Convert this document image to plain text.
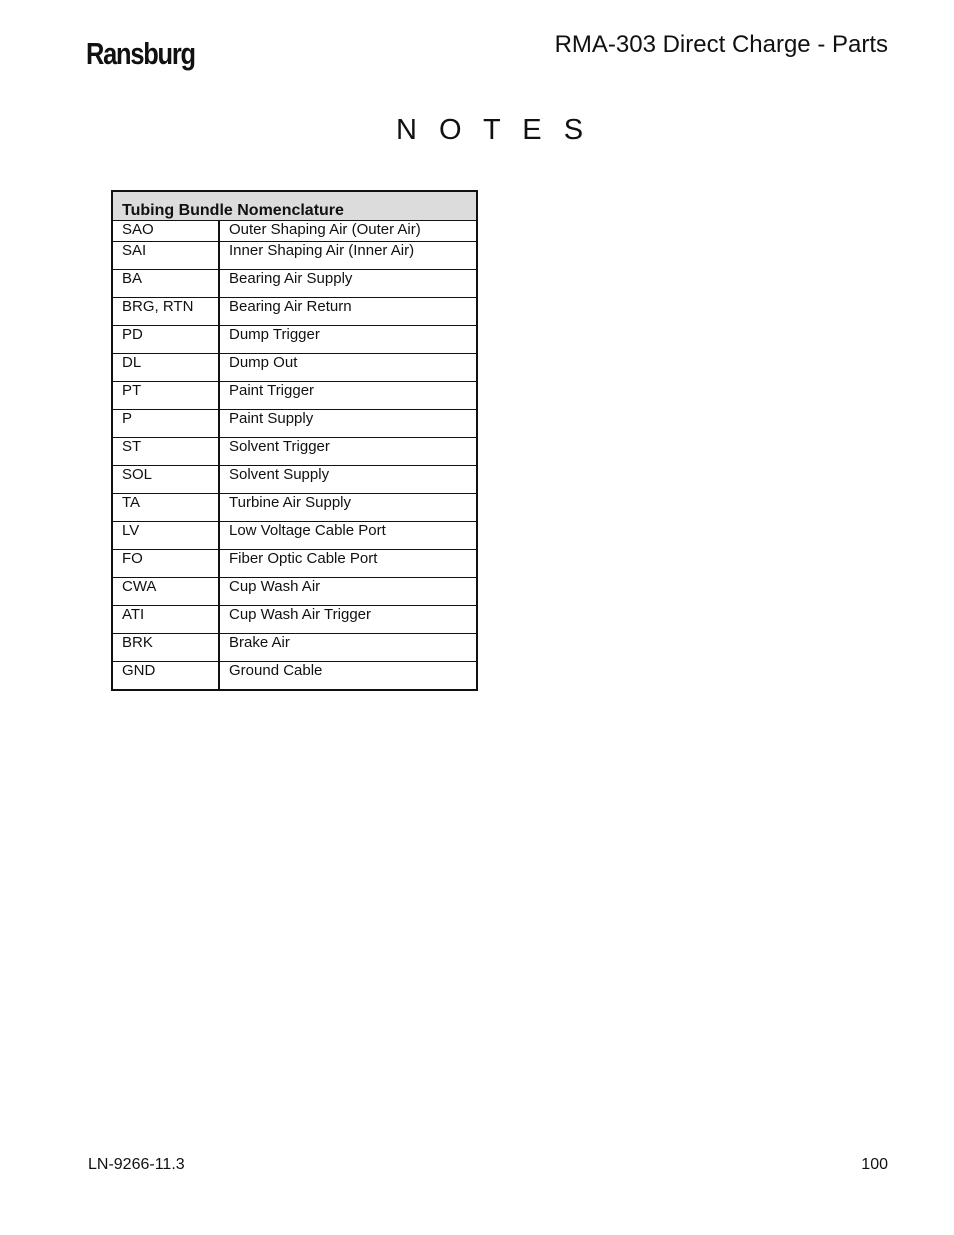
Ransburg	RMA-303 Direct Charge - Parts
N O T E S
Tubing Bundle Nomenclature	
SAO	Outer Shaping Air (Outer Air)
SAI	Inner Shaping Air (Inner Air)
BA	Bearing Air Supply
BRG, RTN	Bearing Air Return
PD	Dump Trigger
DL	Dump Out
PT	Paint Trigger
P	Paint Supply
ST	Solvent Trigger
SOL	Solvent Supply
TA	Turbine Air Supply
LV	Low Voltage Cable Port
FO	Fiber Optic Cable Port
CWA	Cup Wash Air
ATI	Cup Wash Air Trigger
BRK	Brake Air
GND	Ground Cable
LN-9266-11.3	100
